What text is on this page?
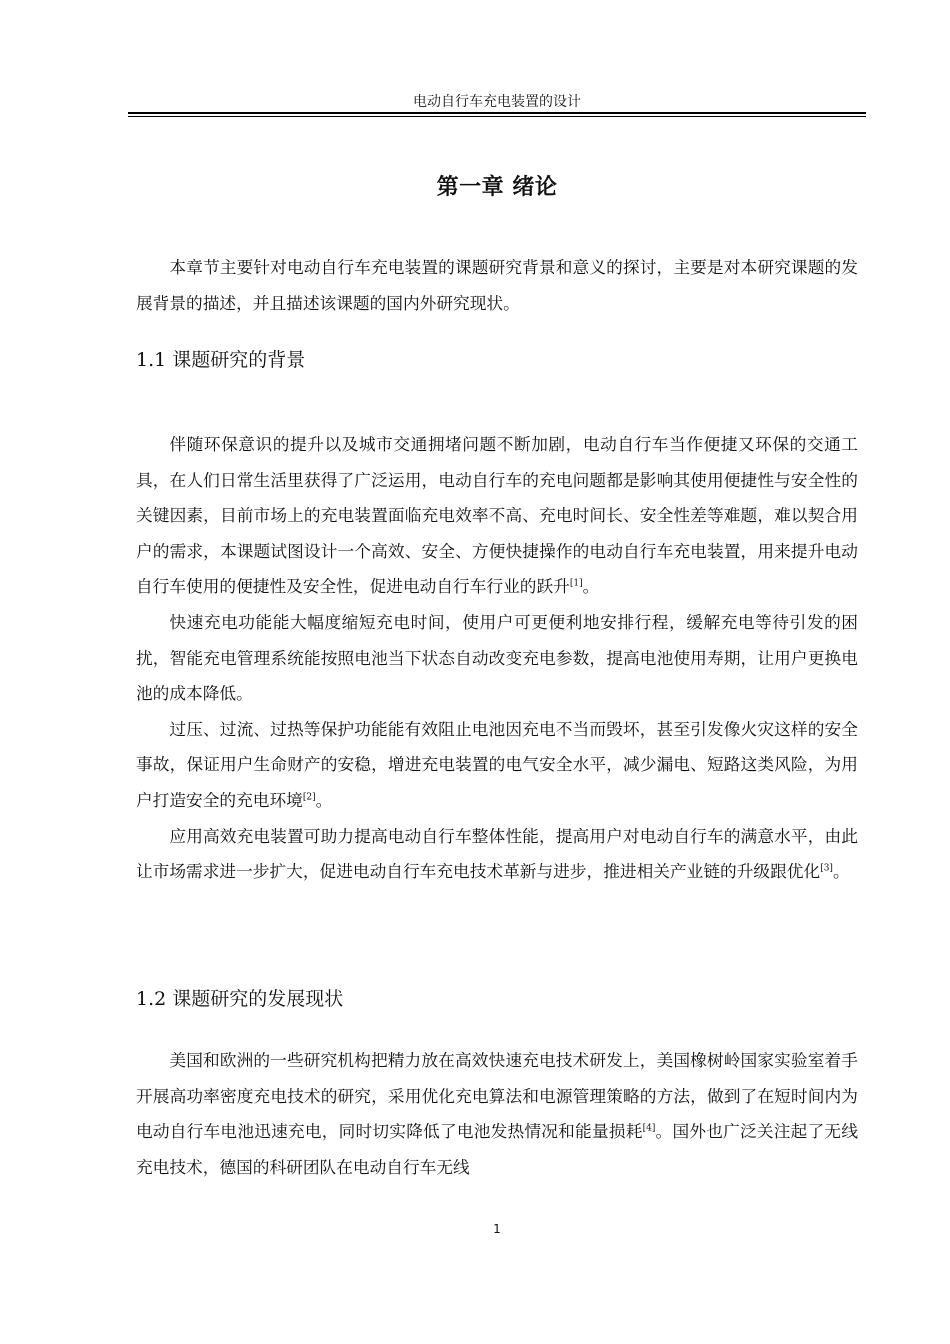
电动自行车充电装置的设计
第一章 绪论

本章节主要针对电动自行车充电装置的课题研究背景和意义的探讨，主要是对本研究课题的发展背景的描述，并且描述该课题的国内外研究现状。

1.1 课题研究的背景

伴随环保意识的提升以及城市交通拥堵问题不断加剧，电动自行车当作便捷又环保的交通工具，在人们日常生活里获得了广泛运用，电动自行车的充电问题都是影响其使用便捷性与安全性的关键因素，目前市场上的充电装置面临充电效率不高、充电时间长、安全性差等难题，难以契合用户的需求，本课题试图设计一个高效、安全、方便快捷操作的电动自行车充电装置，用来提升电动自行车使用的便捷性及安全性，促进电动自行车行业的跃升[1]。

快速充电功能能大幅度缩短充电时间，使用户可更便利地安排行程，缓解充电等待引发的困扰，智能充电管理系统能按照电池当下状态自动改变充电参数，提高电池使用寿期，让用户更换电池的成本降低。

过压、过流、过热等保护功能能有效阻止电池因充电不当而毁坏，甚至引发像火灾这样的安全事故，保证用户生命财产的安稳，增进充电装置的电气安全水平，减少漏电、短路这类风险，为用户打造安全的充电环境[2]。

应用高效充电装置可助力提高电动自行车整体性能，提高用户对电动自行车的满意水平，由此让市场需求进一步扩大，促进电动自行车充电技术革新与进步，推进相关产业链的升级跟优化[3]。

1.2 课题研究的发展现状

美国和欧洲的一些研究机构把精力放在高效快速充电技术研发上，美国橡树岭国家实验室着手开展高功率密度充电技术的研究，采用优化充电算法和电源管理策略的方法，做到了在短时间内为电动自行车电池迅速充电，同时切实降低了电池发热情况和能量损耗[4]。国外也广泛关注起了无线充电技术，德国的科研团队在电动自行车无线

1
